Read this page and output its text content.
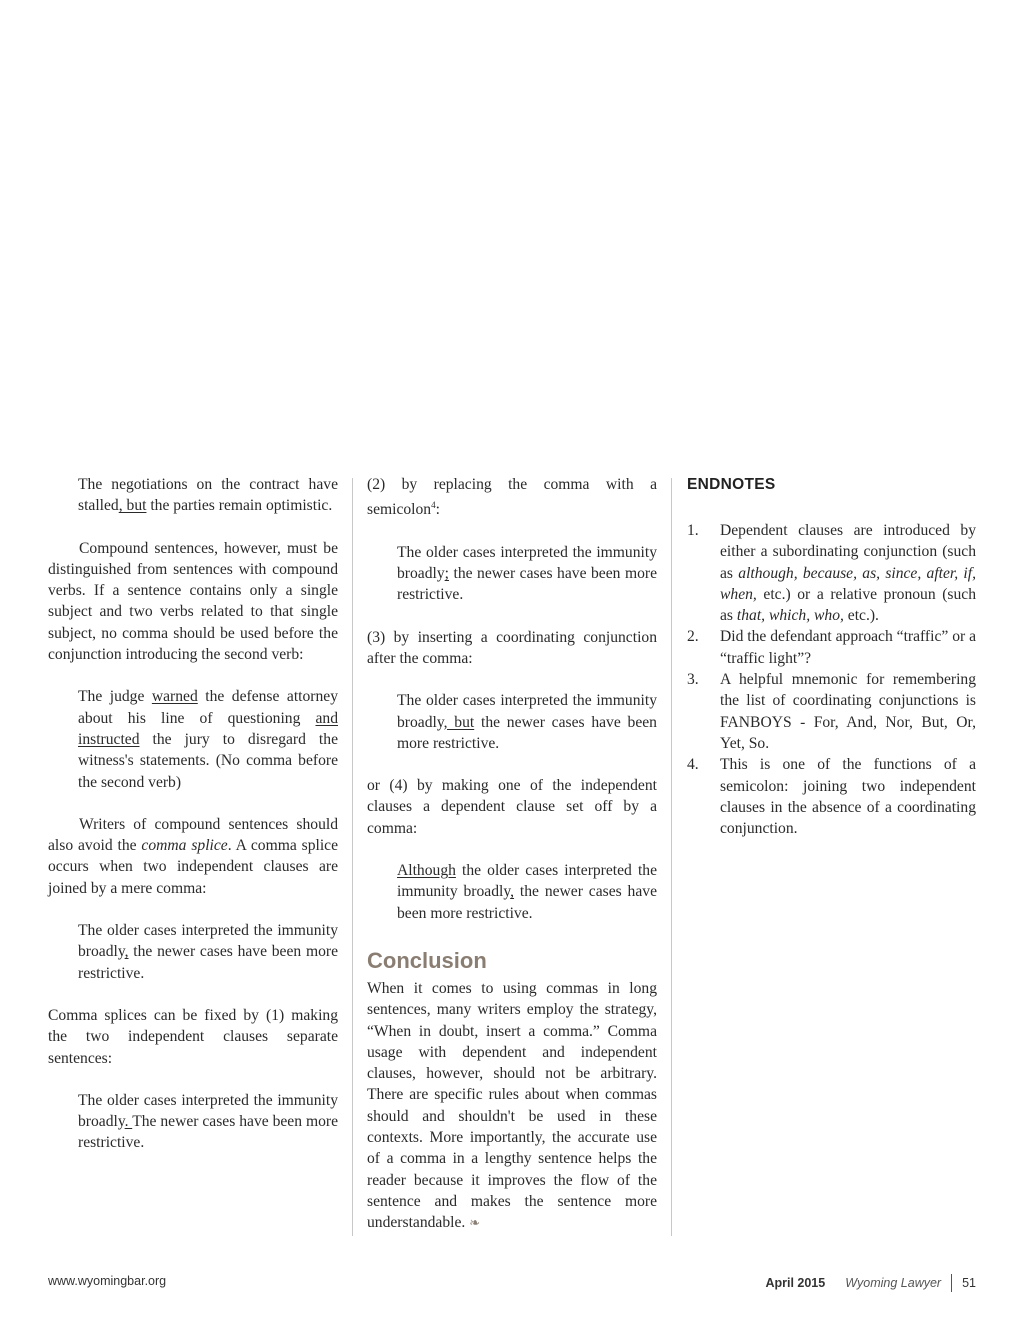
The negotiations on the contract have stalled, but the parties remain optimistic.

Compound sentences, however, must be distinguished from sentences with compound verbs. If a sentence contains only a single subject and two verbs related to that single subject, no comma should be used before the conjunction introducing the second verb:

The judge warned the defense attorney about his line of questioning and instructed the jury to disregard the witness's statements. (No comma before the second verb)

Writers of compound sentences should also avoid the comma splice. A comma splice occurs when two independent clauses are joined by a mere comma:

The older cases interpreted the immunity broadly, the newer cases have been more restrictive.

Comma splices can be fixed by (1) making the two independent clauses separate sentences:

The older cases interpreted the immunity broadly. The newer cases have been more restrictive.

(2) by replacing the comma with a semicolon$^4$:

The older cases interpreted the immunity broadly; the newer cases have been more restrictive.

(3) by inserting a coordinating conjunction after the comma:

The older cases interpreted the immunity broadly, but the newer cases have been more restrictive.

or (4) by making one of the independent clauses a dependent clause set off by a comma:

Although the older cases interpreted the immunity broadly, the newer cases have been more restrictive.

Conclusion

When it comes to using commas in long sentences, many writers employ the strategy, “When in doubt, insert a comma.” Comma usage with dependent and independent clauses, however, should not be arbitrary. There are specific rules about when commas should and shouldn't be used in these contexts. More importantly, the accurate use of a comma in a lengthy sentence helps the reader because it improves the flow of the sentence and makes the sentence more understandable. ❧

ENDNOTES
1.	Dependent clauses are introduced by either a subordinating conjunction (such as although, because, as, since, after, if, when, etc.) or a relative pronoun (such as that, which, who, etc.).
2.	Did the defendant approach “traffic” or a “traffic light”?
3.	A helpful mnemonic for remembering the list of coordinating conjunctions is FANBOYS - For, And, Nor, But, Or, Yet, So.
4.	This is one of the functions of a semicolon: joining two independent clauses in the absence of a coordinating conjunction.
www.wyomingbar.org	April 2015 Wyoming Lawyer 51
